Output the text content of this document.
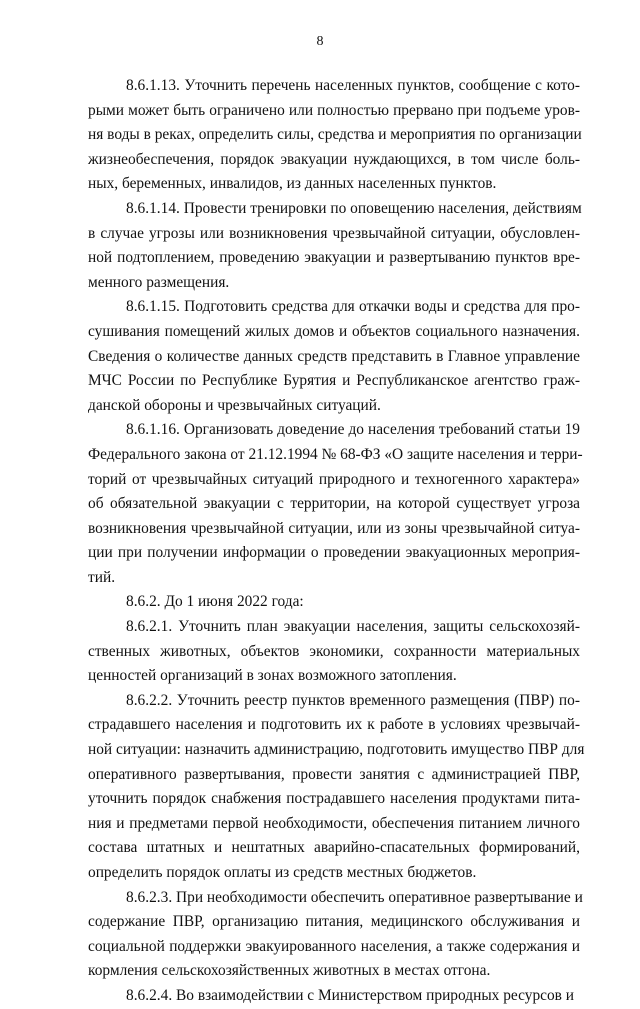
8
8.6.1.13. Уточнить перечень населенных пунктов, сообщение с кото-
рыми может быть ограничено или полностью прервано при подъеме уров-
ня воды в реках, определить силы, средства и мероприятия по организации
жизнеобеспечения, порядок эвакуации нуждающихся, в том числе боль-
ных, беременных, инвалидов, из данных населенных пунктов.
8.6.1.14. Провести тренировки по оповещению населения, действиям
в случае угрозы или возникновения чрезвычайной ситуации, обусловлен-
ной подтоплением, проведению эвакуации и развертыванию пунктов вре-
менного размещения.
8.6.1.15. Подготовить средства для откачки воды и средства для про-
сушивания помещений жилых домов и объектов социального назначения.
Сведения о количестве данных средств представить в Главное управление
МЧС России по Республике Бурятия и Республиканское агентство граж-
данской обороны и чрезвычайных ситуаций.
8.6.1.16. Организовать доведение до населения требований статьи 19
Федерального закона от 21.12.1994 № 68-ФЗ «О защите населения и терри-
торий от чрезвычайных ситуаций природного и техногенного характера»
об обязательной эвакуации с территории, на которой существует угроза
возникновения чрезвычайной ситуации, или из зоны чрезвычайной ситуа-
ции при получении информации о проведении эвакуационных мероприя-
тий.
8.6.2. До 1 июня 2022 года:
8.6.2.1. Уточнить план эвакуации населения, защиты сельскохозяй-
ственных животных, объектов экономики, сохранности материальных
ценностей организаций в зонах возможного затопления.
8.6.2.2. Уточнить реестр пунктов временного размещения (ПВР) по-
страдавшего населения и подготовить их к работе в условиях чрезвычай-
ной ситуации: назначить администрацию, подготовить имущество ПВР для
оперативного развертывания, провести занятия с администрацией ПВР,
уточнить порядок снабжения пострадавшего населения продуктами пита-
ния и предметами первой необходимости, обеспечения питанием личного
состава штатных и нештатных аварийно-спасательных формирований,
определить порядок оплаты из средств местных бюджетов.
8.6.2.3. При необходимости обеспечить оперативное развертывание и
содержание ПВР, организацию питания, медицинского обслуживания и
социальной поддержки эвакуированного населения, а также содержания и
кормления сельскохозяйственных животных в местах отгона.
8.6.2.4. Во взаимодействии с Министерством природных ресурсов и
